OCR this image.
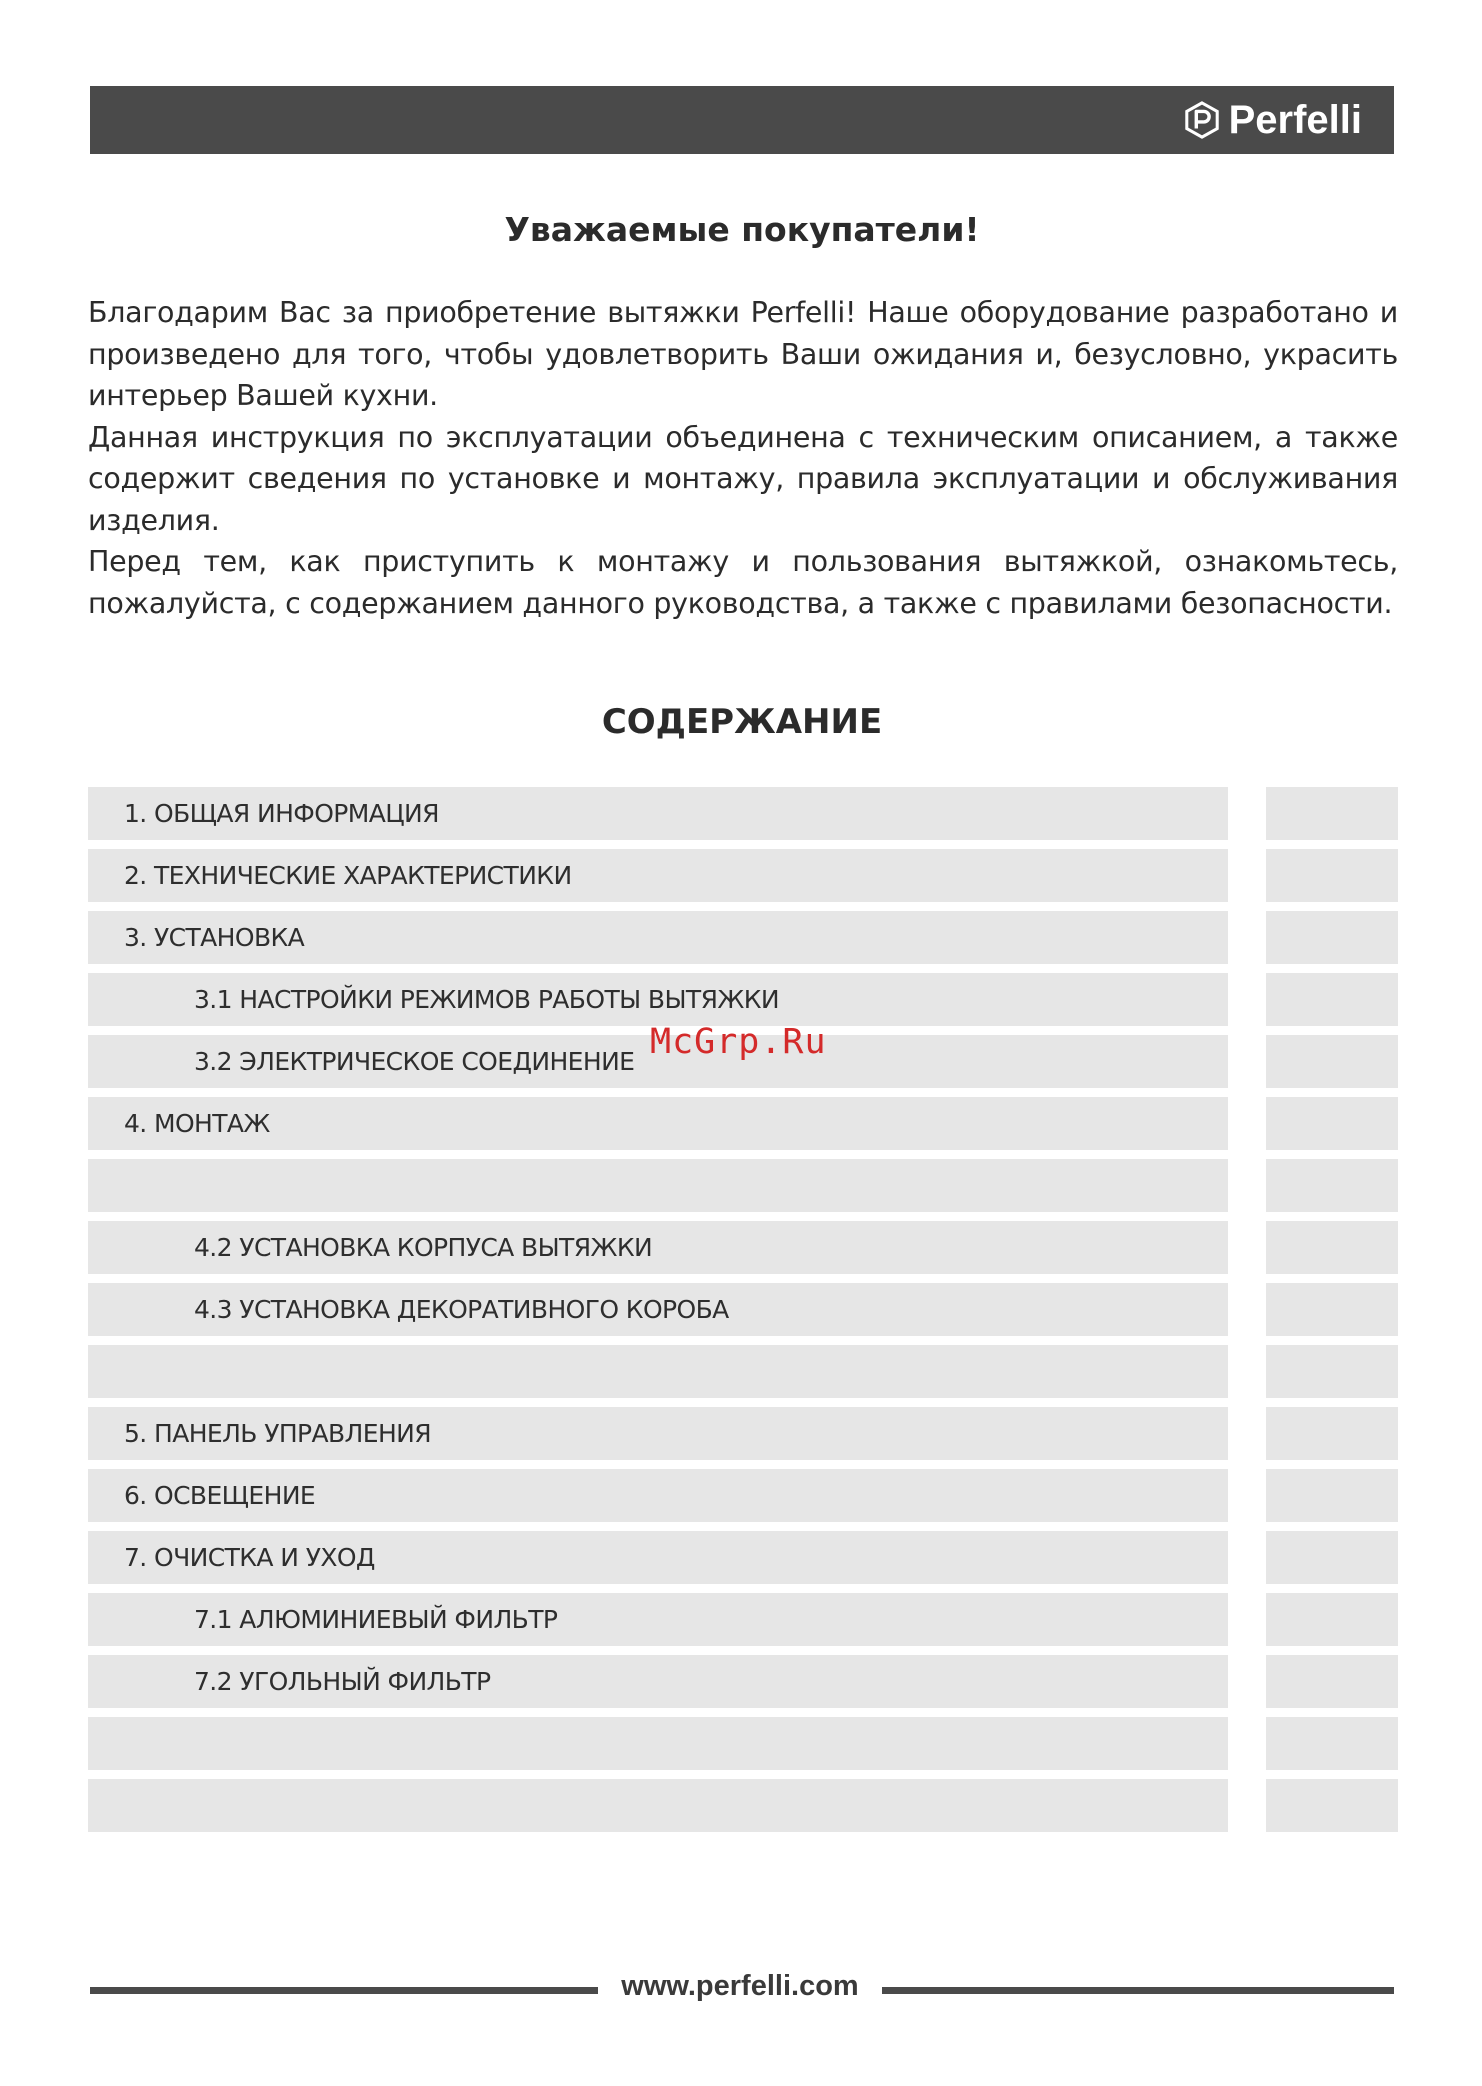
Perfelli
Уважаемые покупатели!

Благодарим Вас за приобретение вытяжки Perfelli! Наше оборудование разработано и произведено для того, чтобы удовлетворить Ваши ожидания и, безусловно, украсить интерьер Вашей кухни.

Данная инструкция по эксплуатации объединена с техническим описанием, а также содержит сведения по установке и монтажу, правила эксплуатации и обслуживания изделия.

Перед тем, как приступить к монтажу и пользования вытяжкой, ознакомьтесь, пожалуйста, с содержанием данного руководства, а также с правилами безопасности.

СОДЕРЖАНИЕ
1. ОБЩАЯ ИНФОРМАЦИЯ
2. ТЕХНИЧЕСКИЕ ХАРАКТЕРИСТИКИ
3. УСТАНОВКА
3.1 НАСТРОЙКИ РЕЖИМОВ РАБОТЫ ВЫТЯЖКИ
3.2 ЭЛЕКТРИЧЕСКОЕ СОЕДИНЕНИЕ
4. МОНТАЖ
4.2 УСТАНОВКА КОРПУСА ВЫТЯЖКИ
4.3 УСТАНОВКА ДЕКОРАТИВНОГО КОРОБА
5. ПАНЕЛЬ УПРАВЛЕНИЯ
6. ОСВЕЩЕНИЕ
7. ОЧИСТКА И УХОД
7.1 АЛЮМИНИЕВЫЙ ФИЛЬТР
7.2 УГОЛЬНЫЙ ФИЛЬТР
McGrp.Ru
www.perfelli.com
